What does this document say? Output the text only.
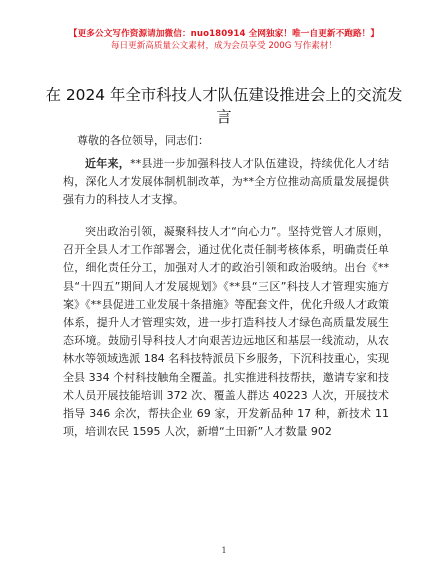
【更多公文写作资源请加微信：nuo180914 全网独家！唯一自更新不跑路！】
每日更新高质量公文素材，成为会员享受 200G 写作素材！
在 2024 年全市科技人才队伍建设推进会上的交流发言
尊敬的各位领导，同志们：
近年来，**县进一步加强科技人才队伍建设，持续优化人才结构，深化人才发展体制机制改革，为**全方位推动高质量发展提供强有力的科技人才支撑。
突出政治引领，凝聚科技人才“向心力”。坚持党管人才原则，召开全县人才工作部署会，通过优化责任制考核体系，明确责任单位，细化责任分工，加强对人才的政治引领和政治吸纳。出台《**县“十四五”期间人才发展规划》《**县“三区”科技人才管理实施方案》《**县促进工业发展十条措施》等配套文件，优化升级人才政策体系，提升人才管理实效，进一步打造科技人才绿色高质量发展生态环境。鼓励引导科技人才向艰苦边远地区和基层一线流动，从农林水等领域选派 184 名科技特派员下乡服务，下沉科技重心，实现全县 334 个村科技触角全覆盖。扎实推进科技帮扶，邀请专家和技术人员开展技能培训 372 次、覆盖人群达 40223 人次，开展技术指导 346 余次，帮扶企业 69 家，开发新品种 17 种，新技术 11 项，培训农民 1595 人次，新增“土田新”人才数量 902
1
